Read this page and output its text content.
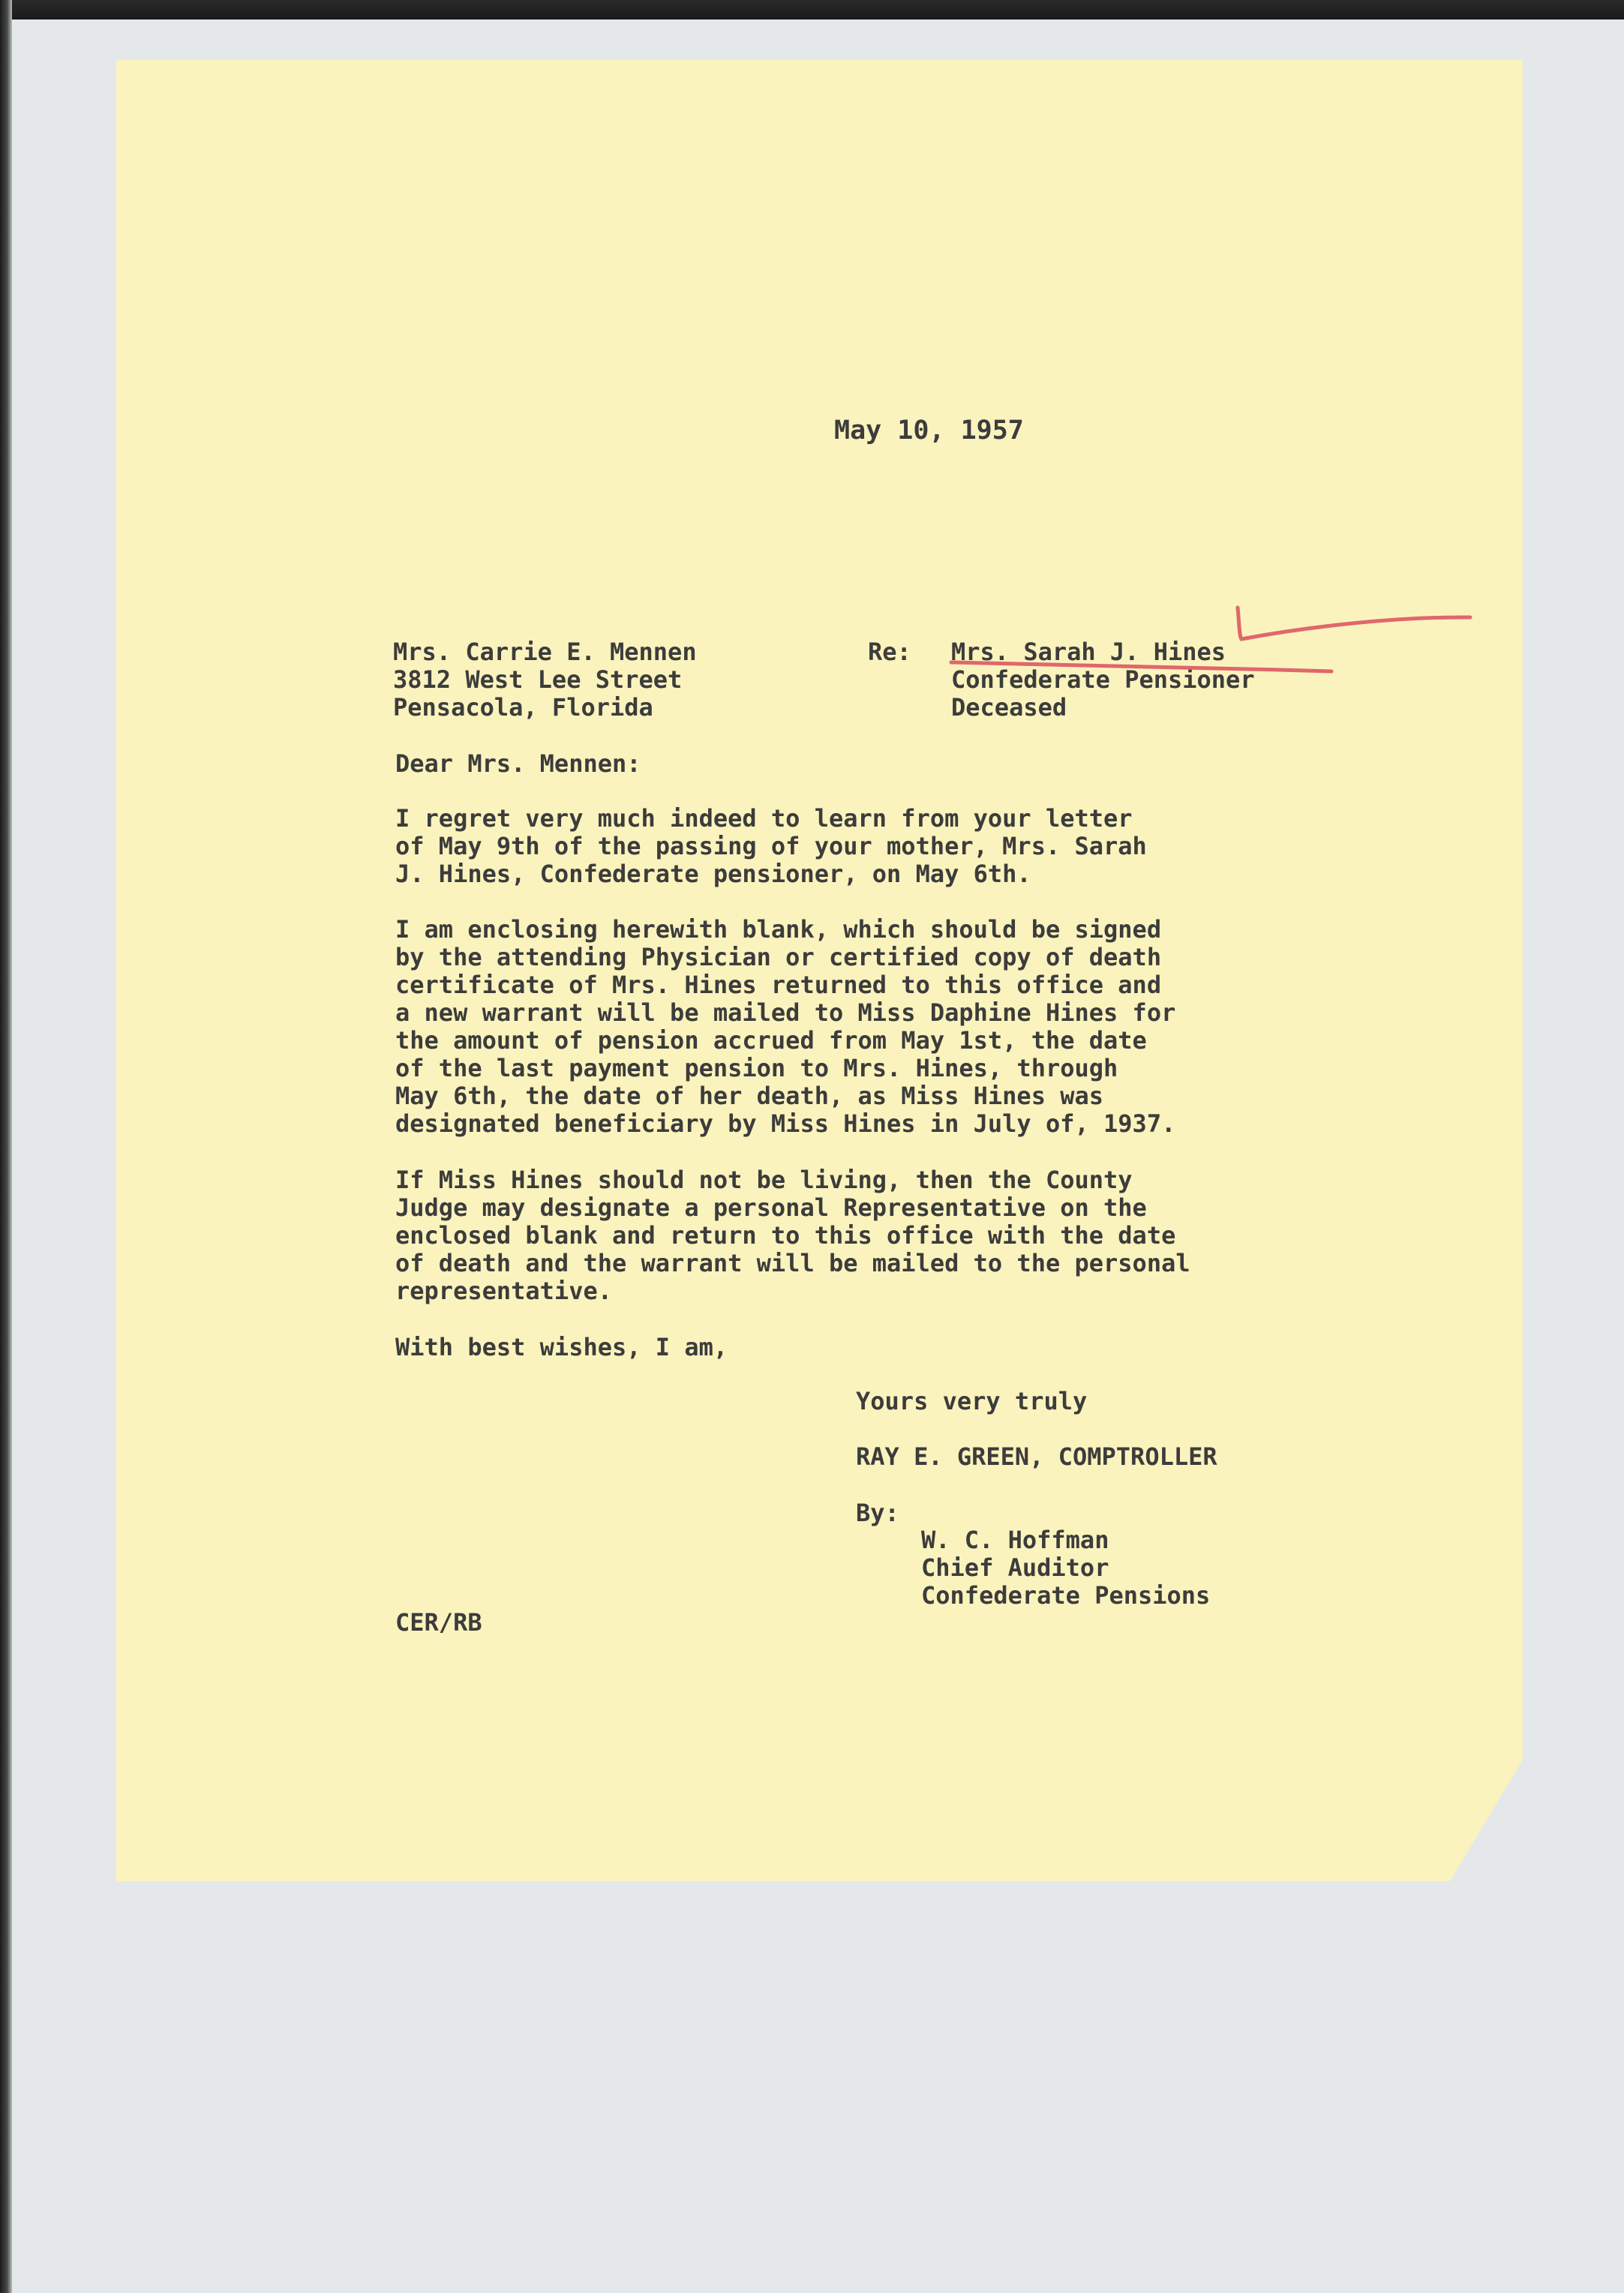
May 10, 1957

Mrs. Carrie E. Mennen
3812 West Lee Street
Pensacola, Florida

Re: Mrs. Sarah J. Hines
Confederate Pensioner
Deceased

Dear Mrs. Mennen:

I regret very much indeed to learn from your letter
of May 9th of the passing of your mother, Mrs. Sarah
J. Hines, Confederate pensioner, on May 6th.
I am enclosing herewith blank, which should be signed
by the attending Physician or certified copy of death
certificate of Mrs. Hines returned to this office and
a new warrant will be mailed to Miss Daphine Hines for
the amount of pension accrued from May 1st, the date
of the last payment pension to Mrs. Hines, through
May 6th, the date of her death, as Miss Hines was
designated beneficiary by Miss Hines in July of, 1937.
If Miss Hines should not be living, then the County
Judge may designate a personal Representative on the
enclosed blank and return to this office with the date
of death and the warrant will be mailed to the personal
representative.

With best wishes, I am,

Yours very truly

RAY E. GREEN, COMPTROLLER

By:

W. C. Hoffman
Chief Auditor
Confederate Pensions

CER/RB
